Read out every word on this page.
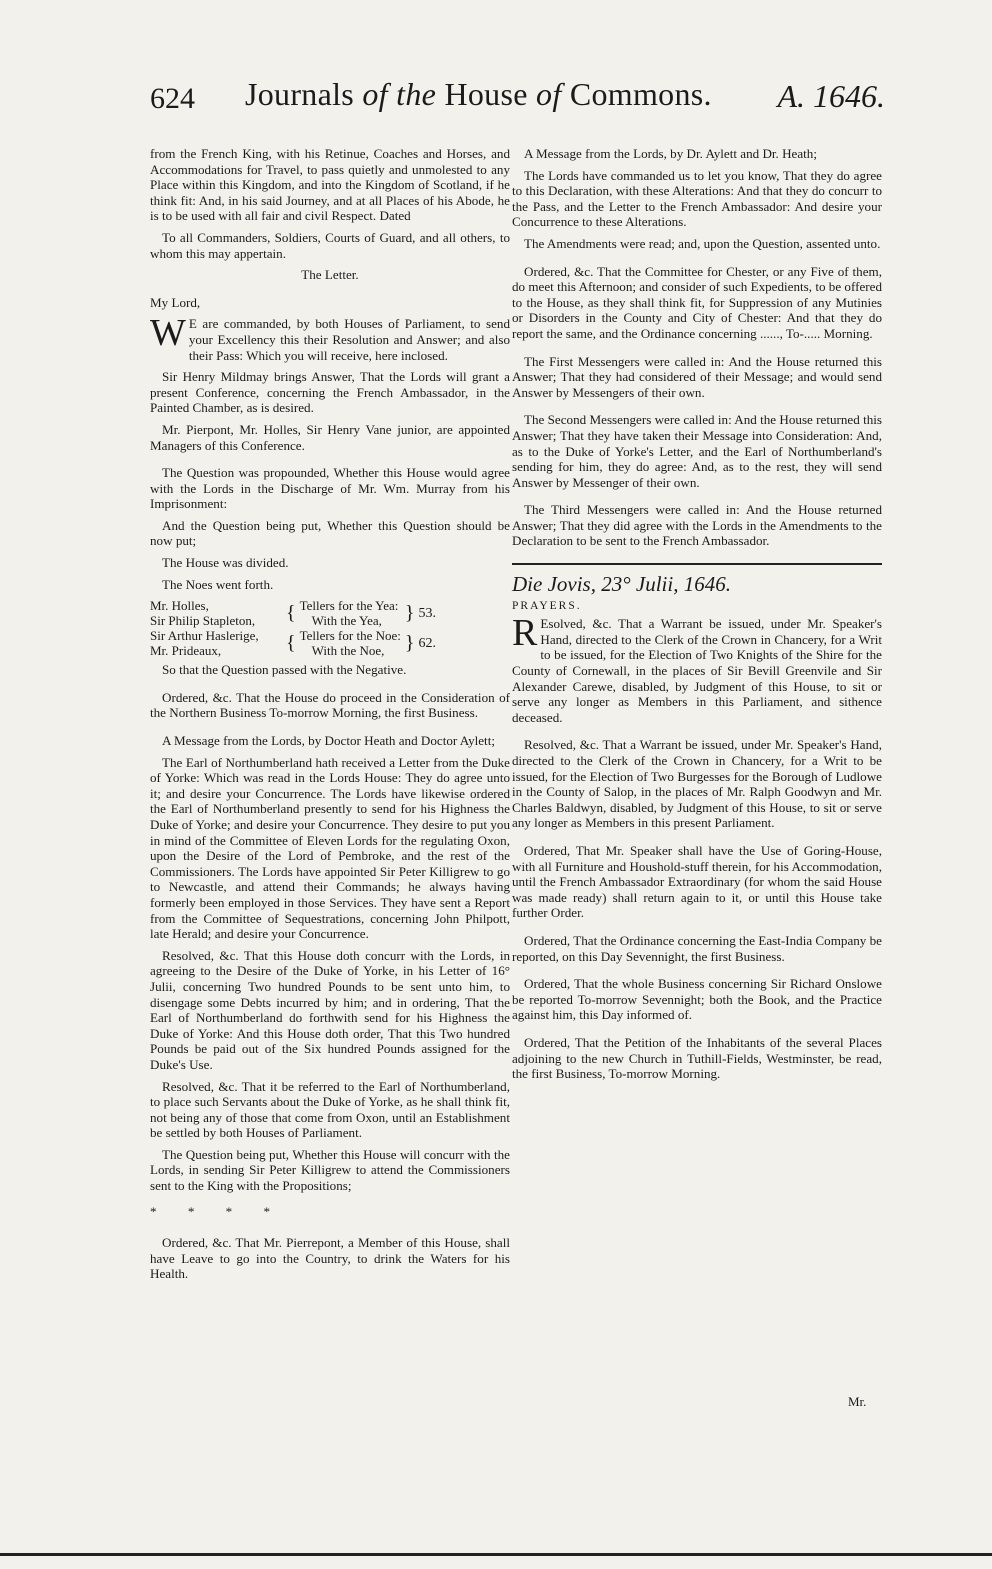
624 Journals of the House of Commons. A. 1646.

from the French King, with his Retinue, Coaches and Horses, and Accommodations for Travel, to pass quietly and unmolested to any Place within this Kingdom, and into the Kingdom of Scotland, if he think fit: And, in his said Journey, and at all Places of his Abode, he is to be used with all fair and civil Respect. Dated

To all Commanders, Soldiers, Courts of Guard, and all others, to whom this may appertain.

The Letter.

My Lord,

W E are commanded, by both Houses of Parliament, to send your Excellency this their Resolution and Answer; and also their Pass: Which you will receive, here inclosed.

Sir Henry Mildmay brings Answer, That the Lords will grant a present Conference, concerning the French Ambassador, in the Painted Chamber, as is desired.

Mr. Pierpont, Mr. Holles, Sir Henry Vane junior, are appointed Managers of this Conference.

The Question was propounded, Whether this House would agree with the Lords in the Discharge of Mr. Wm. Murray from his Imprisonment:

And the Question being put, Whether this Question should be now put;

The House was divided.

The Noes went forth.

Mr. Holles,	{	Tellers for the Yea:	}	53.
Sir Philip Stapleton,		With the Yea,		
Sir Arthur Haslerige,	{	Tellers for the Noe:	}	62.
Mr. Prideaux,		With the Noe,		

So that the Question passed with the Negative.

Ordered, &c. That the House do proceed in the Consideration of the Northern Business To-morrow Morning, the first Business.

A Message from the Lords, by Doctor Heath and Doctor Aylett;

The Earl of Northumberland hath received a Letter from the Duke of Yorke: Which was read in the Lords House: They do agree unto it; and desire your Concurrence. The Lords have likewise ordered the Earl of Northumberland presently to send for his Highness the Duke of Yorke; and desire your Concurrence. They desire to put you in mind of the Committee of Eleven Lords for the regulating Oxon, upon the Desire of the Lord of Pembroke, and the rest of the Commissioners. The Lords have appointed Sir Peter Killigrew to go to Newcastle, and attend their Commands; he always having formerly been employed in those Services. They have sent a Report from the Committee of Sequestrations, concerning John Philpott, late Herald; and desire your Concurrence.

Resolved, &c. That this House doth concurr with the Lords, in agreeing to the Desire of the Duke of Yorke, in his Letter of 16° Julii, concerning Two hundred Pounds to be sent unto him, to disengage some Debts incurred by him; and in ordering, That the Earl of Northumberland do forthwith send for his Highness the Duke of Yorke: And this House doth order, That this Two hundred Pounds be paid out of the Six hundred Pounds assigned for the Duke's Use.

Resolved, &c. That it be referred to the Earl of Northumberland, to place such Servants about the Duke of Yorke, as he shall think fit, not being any of those that come from Oxon, until an Establishment be settled by both Houses of Parliament.

The Question being put, Whether this House will concurr with the Lords, in sending Sir Peter Killigrew to attend the Commissioners sent to the King with the Propositions;

* * * *

Ordered, &c. That Mr. Pierrepont, a Member of this House, shall have Leave to go into the Country, to drink the Waters for his Health.

A Message from the Lords, by Dr. Aylett and Dr. Heath;

The Lords have commanded us to let you know, That they do agree to this Declaration, with these Alterations: And that they do concurr to the Pass, and the Letter to the French Ambassador: And desire your Concurrence to these Alterations.

The Amendments were read; and, upon the Question, assented unto.

Ordered, &c. That the Committee for Chester, or any Five of them, do meet this Afternoon; and consider of such Expedients, to be offered to the House, as they shall think fit, for Suppression of any Mutinies or Disorders in the County and City of Chester: And that they do report the same, and the Ordinance concerning ......, To-..... Morning.

The First Messengers were called in: And the House returned this Answer; That they had considered of their Message; and would send Answer by Messengers of their own.

The Second Messengers were called in: And the House returned this Answer; That they have taken their Message into Consideration: And, as to the Duke of Yorke's Letter, and the Earl of Northumberland's sending for him, they do agree: And, as to the rest, they will send Answer by Messenger of their own.

The Third Messengers were called in: And the House returned Answer; That they did agree with the Lords in the Amendments to the Declaration to be sent to the French Ambassador.

Die Jovis, 23° Julii, 1646.

PRAYERS.

R Esolved, &c. That a Warrant be issued, under Mr. Speaker's Hand, directed to the Clerk of the Crown in Chancery, for a Writ to be issued, for the Election of Two Knights of the Shire for the County of Cornewall, in the places of Sir Bevill Greenvile and Sir Alexander Carewe, disabled, by Judgment of this House, to sit or serve any longer as Members in this Parliament, and sithence deceased.

Resolved, &c. That a Warrant be issued, under Mr. Speaker's Hand, directed to the Clerk of the Crown in Chancery, for a Writ to be issued, for the Election of Two Burgesses for the Borough of Ludlowe in the County of Salop, in the places of Mr. Ralph Goodwyn and Mr. Charles Baldwyn, disabled, by Judgment of this House, to sit or serve any longer as Members in this present Parliament.

Ordered, That Mr. Speaker shall have the Use of Goring-House, with all Furniture and Houshold-stuff therein, for his Accommodation, until the French Ambassador Extraordinary (for whom the said House was made ready) shall return again to it, or until this House take further Order.

Ordered, That the Ordinance concerning the East-India Company be reported, on this Day Sevennight, the first Business.

Ordered, That the whole Business concerning Sir Richard Onslowe be reported To-morrow Sevennight; both the Book, and the Practice against him, this Day informed of.

Ordered, That the Petition of the Inhabitants of the several Places adjoining to the new Church in Tuthill-Fields, Westminster, be read, the first Business, To-morrow Morning.

Mr.
